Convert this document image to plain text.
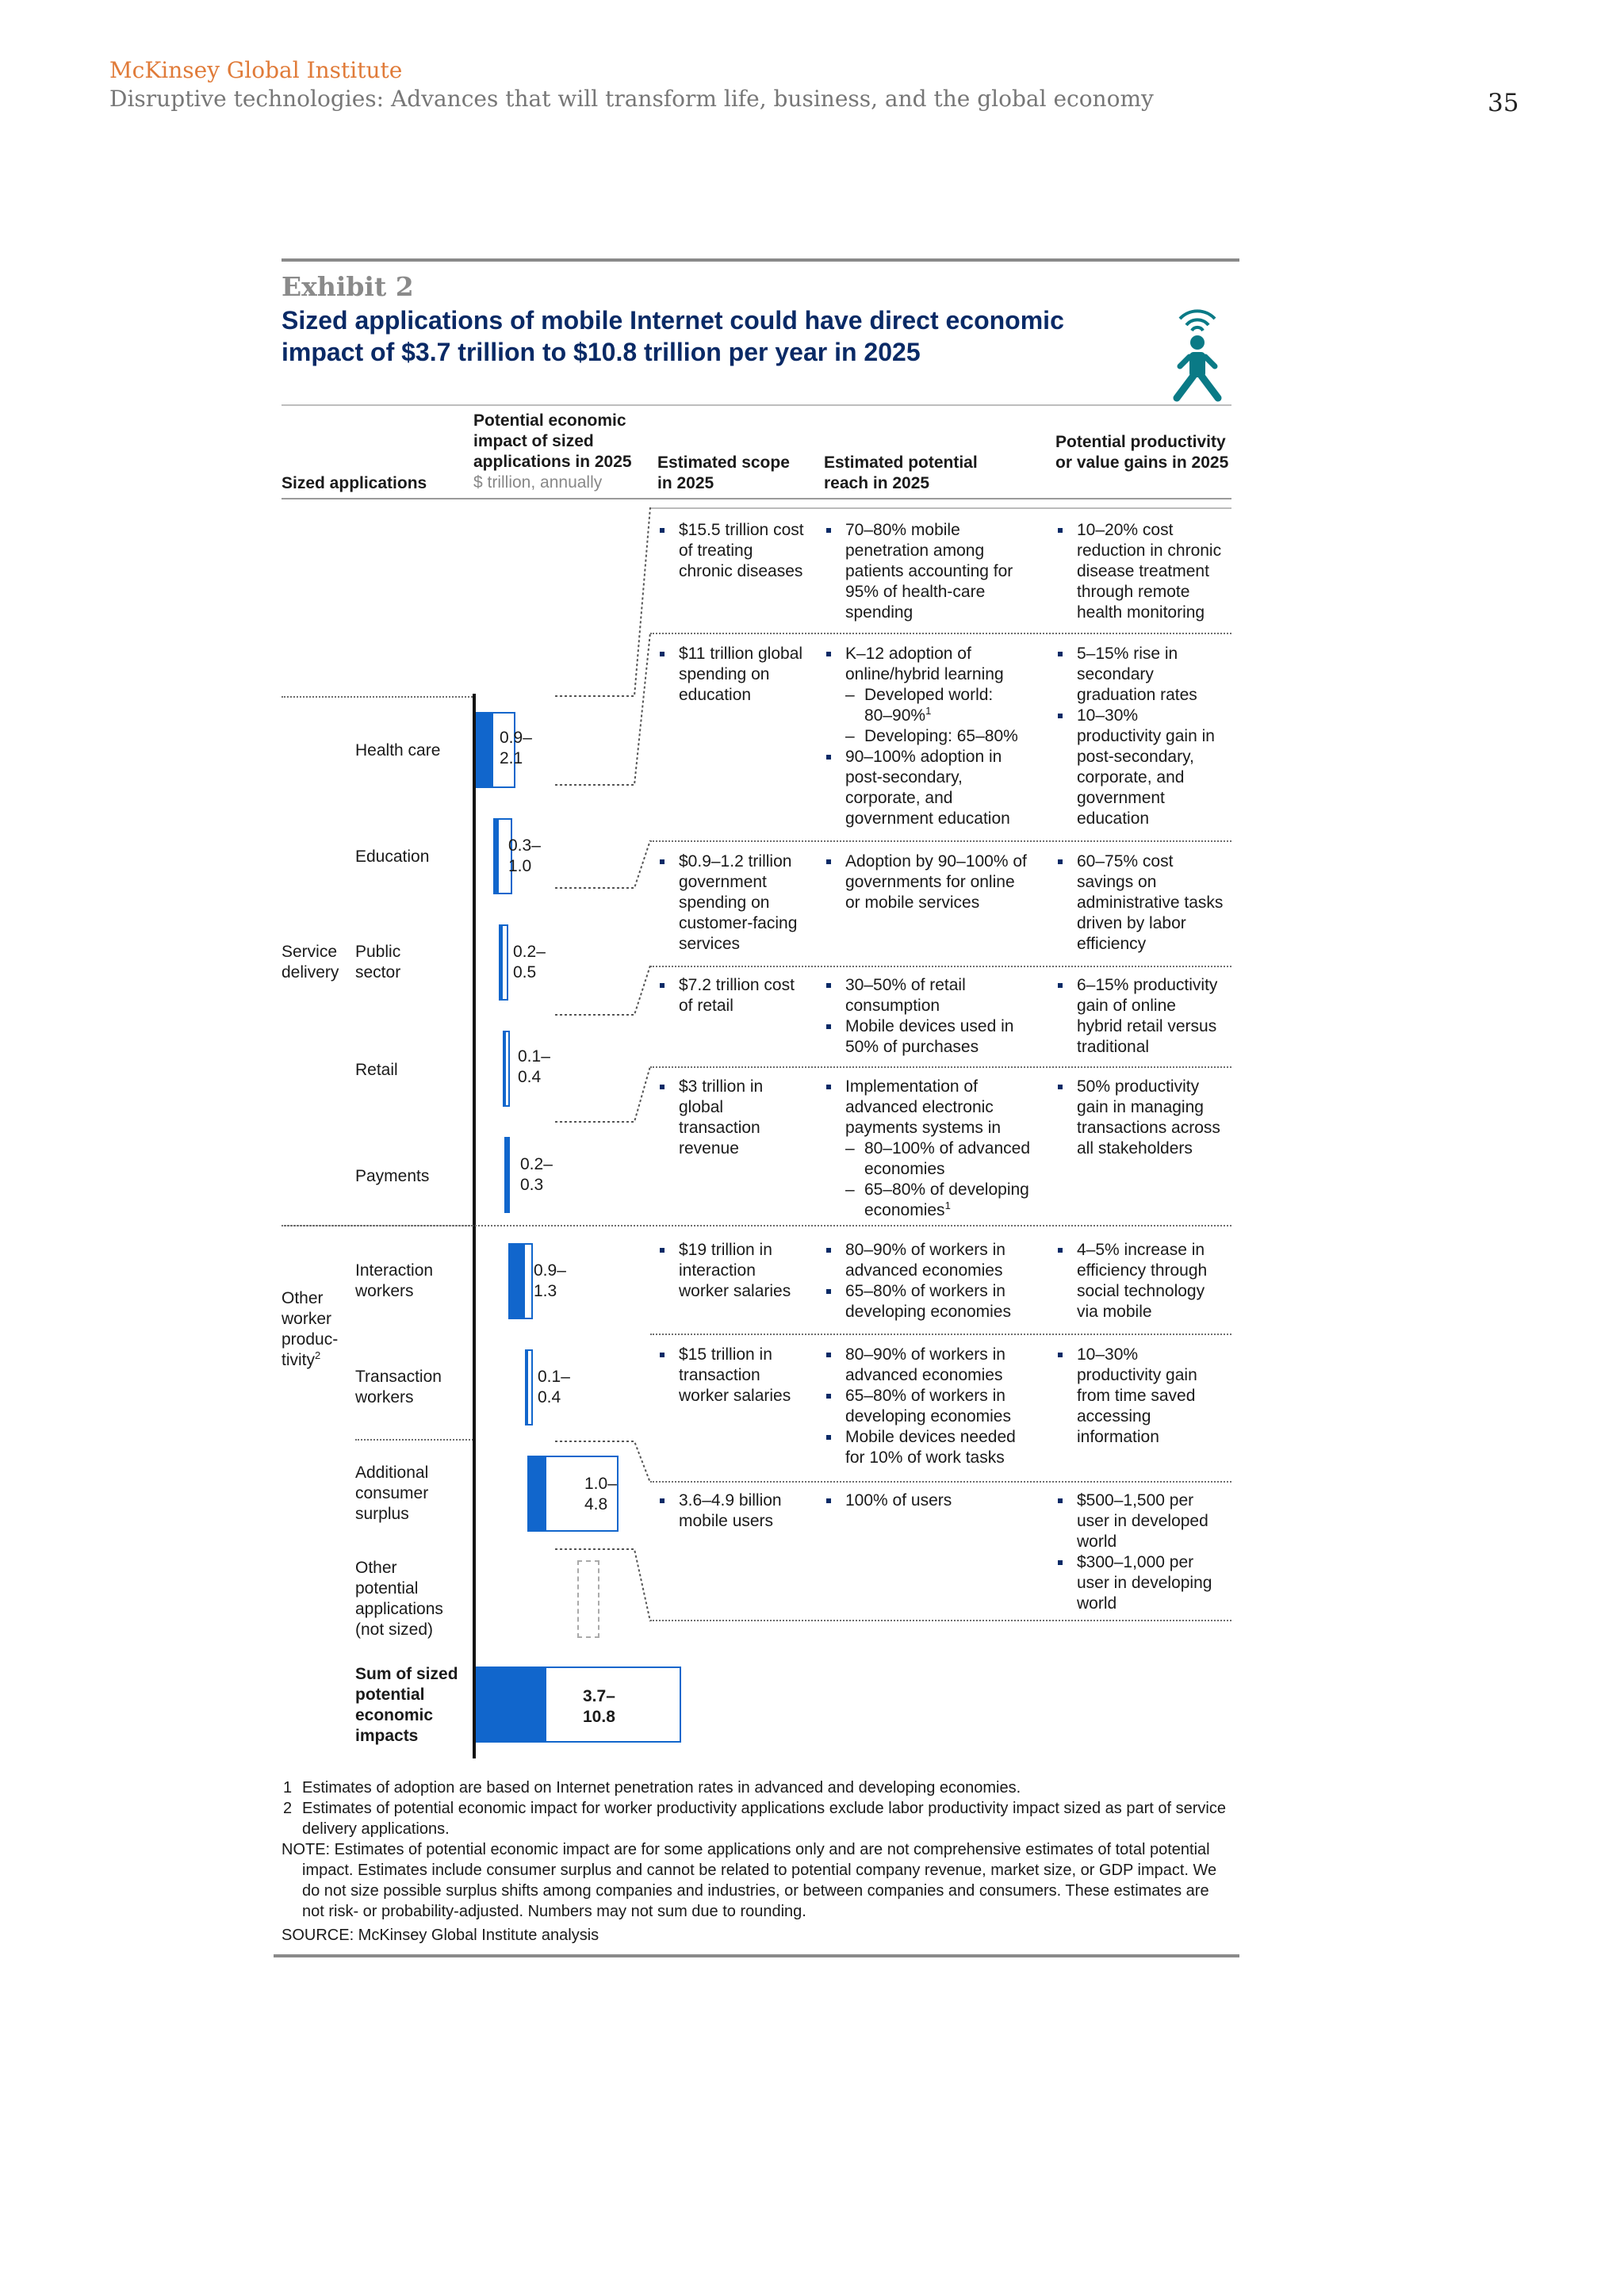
McKinsey Global Institute
Disruptive technologies: Advances that will transform life, business, and the global economy	35
Exhibit 2
Sized applications of mobile Internet could have direct economic impact of $3.7 trillion to $10.8 trillion per year in 2025
Sized applications
Potential economic impact of sized applications in 2025
$ trillion, annually
Estimated scope in 2025
Estimated potential reach in 2025
Potential productivity or value gains in 2025
Service delivery
Other
worker
produc-
tivity$^2$
Health care
Education
Public
sector
Retail
Payments
Interaction
workers
Transaction
workers
Additional
consumer
surplus
Other
potential
applications
(not sized)
Sum of sized
potential
economic
impacts
0.9–
2.1
0.3–
1.0
0.2–
0.5
0.1–
0.4
0.2–
0.3
0.9–
1.3
0.1–
0.4
1.0–
4.8
3.7–
10.8
$15.5 trillion cost
of treating
chronic diseases
70–80% mobile
penetration among
patients accounting for
95% of health-care
spending
10–20% cost
reduction in chronic
disease treatment
through remote
health monitoring
$11 trillion global
spending on
education
K–12 adoption of
online/hybrid learning
– Developed world:
80–90%$^1$
– Developing: 65–80%
90–100% adoption in
post-secondary,
corporate, and
government education
5–15% rise in
secondary
graduation rates
10–30%
productivity gain in
post-secondary,
corporate, and
government
education
$0.9–1.2 trillion
government
spending on
customer-facing
services
Adoption by 90–100% of
governments for online
or mobile services
60–75% cost
savings on
administrative tasks
driven by labor
efficiency
$7.2 trillion cost
of retail
30–50% of retail
consumption
Mobile devices used in
50% of purchases
6–15% productivity
gain of online
hybrid retail versus
traditional
$3 trillion in
global
transaction
revenue
Implementation of
advanced electronic
payments systems in
– 80–100% of advanced
economies
– 65–80% of developing
economies$^1$
50% productivity
gain in managing
transactions across
all stakeholders
$19 trillion in
interaction
worker salaries
80–90% of workers in
advanced economies
65–80% of workers in
developing economies
4–5% increase in
efficiency through
social technology
via mobile
$15 trillion in
transaction
worker salaries
80–90% of workers in
advanced economies
65–80% of workers in
developing economies
Mobile devices needed
for 10% of work tasks
10–30%
productivity gain
from time saved
accessing
information
3.6–4.9 billion
mobile users
100% of users	$500–1,500 per
user in developed
world
$300–1,000 per
user in developing
world
1 Estimates of adoption are based on Internet penetration rates in advanced and developing economies.
2 Estimates of potential economic impact for worker productivity applications exclude labor productivity impact sized as part of service delivery applications.
NOTE: Estimates of potential economic impact are for some applications only and are not comprehensive estimates of total potential impact. Estimates include consumer surplus and cannot be related to potential company revenue, market size, or GDP impact. We do not size possible surplus shifts among companies and industries, or between companies and consumers. These estimates are not risk- or probability-adjusted. Numbers may not sum due to rounding.
SOURCE: McKinsey Global Institute analysis
